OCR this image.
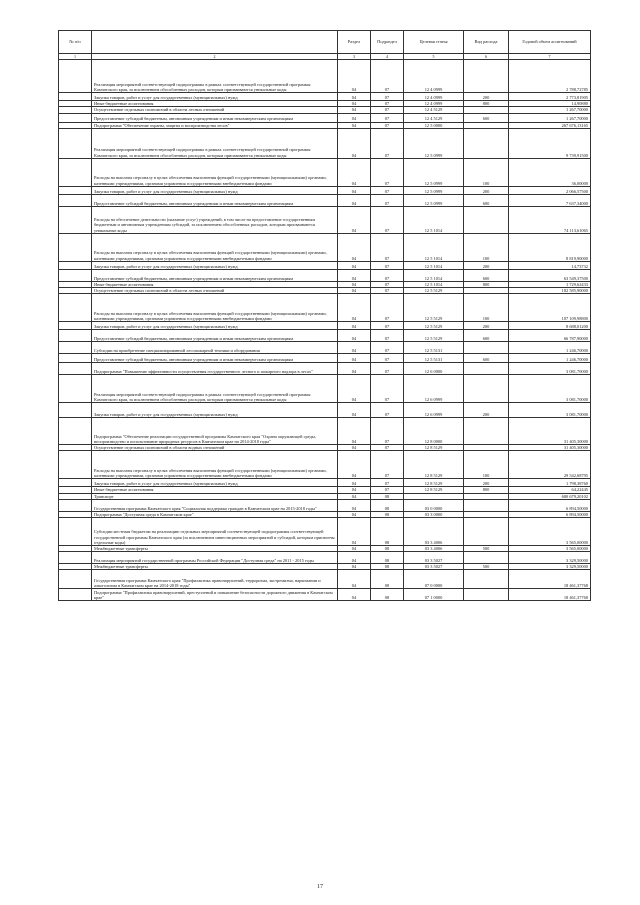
№ п/п		Раздел	Подраздел	Целевая статья	Вид расхода	Годовой объем ассигнований
1	2	3	4	5	6	7
	Реализация мероприятий соответствующей подпрограммы в рамках соответствующей государственной программы Камчатского края, за исключением обособленных расходов, которым присваиваются уникальные коды	04	07	12 4 0999		2 788,72785
	Закупка товаров, работ и услуг для государственных (муниципальных) нужд	04	07	12 4 0999	200	2 773,81905
	Иные бюджетные ассигнования	04	07	12 4 0999	800	14,90880
	Осуществление отдельных полномочий в области лесных отношений	04	07	12 4 5129		1 267,70000
	Предоставление субсидий бюджетным, автономным учреждениям и иным некоммерческим организациям	04	07	12 4 5129	600	1 267,70000
	Подпрограмма "Обеспечение охраны, защиты и воспроизводства лесов"	04	07	12 5 0000		267 676,13165
	Реализация мероприятий соответствующей подпрограммы в рамках соответствующей государственной программы Камчатского края, за исключением обособленных расходов, которым присваиваются уникальные коды	04	07	12 5 0999		9 739,91500
	Расходы на выплаты персоналу в целях обеспечения выполнения функций государственными (муниципальными) органами, казенными учреждениями, органами управления государственными внебюджетными фондами	04	07	12 5 0999	100	36,00000
	Закупка товаров, работ и услуг для государственных (муниципальных) нужд	04	07	12 5 0999	200	2 066,57500
	Предоставление субсидий бюджетным, автономным учреждениям и иным некоммерческим организациям	04	07	12 5 0999	600	7 637,34000
	Расходы на обеспечение деятельности (оказание услуг) учреждений, в том числе на предоставление государственным бюджетным и автономным учреждениям субсидий, за исключением обособленных расходов, которым присваиваются уникальные коды	04	07	12 5 1014		74 113,61065
	Расходы на выплаты персоналу в целях обеспечения выполнения функций государственными (муниципальными) органами, казенными учреждениями, органами управления государственными внебюджетными фондами	04	07	12 5 1014	100	8 819,90000
	Закупка товаров, работ и услуг для государственных (муниципальных) нужд	04	07	12 5 1014	200	14,73732
	Предоставление субсидий бюджетным, автономным учреждениям и иным некоммерческим организациям	04	07	12 5 1014	600	63 549,37500
	Иные бюджетные ассигнования	04	07	12 5 1014	800	1 729,62433
	Осуществление отдельных полномочий в области лесных отношений	04	07	12 5 5129		182 585,90000
	Расходы на выплаты персоналу в целях обеспечения выполнения функций государственными (муниципальными) органами, казенными учреждениями, органами управления государственными внебюджетными фондами	04	07	12 5 5129	100	107 109,98800
	Закупка товаров, работ и услуг для государственных (муниципальных) нужд	04	07	12 5 5129	200	8 688,01200
	Предоставление субсидий бюджетным, автономным учреждениям и иным некоммерческим организациям	04	07	12 5 5129	600	66 787,90000
	Субсидии на приобретение специализированной лесопожарной техники и оборудования	04	07	12 5 5131		1 246,70000
	Предоставление субсидий бюджетным, автономным учреждениям и иным некоммерческим организациям	04	07	12 5 5131	600	1 246,70000
	Подпрограмма "Повышение эффективности осуществления государственного лесного и пожарного надзора в лесах"	04	07	12 6 0000		3 081,70000
	Реализация мероприятий соответствующей подпрограммы в рамках соответствующей государственной программы Камчатского края, за исключением обособленных расходов, которым присваиваются уникальные коды	04	07	12 6 0999		3 081,70000
	Закупка товаров, работ и услуг для государственных (муниципальных) нужд	04	07	12 6 0999	200	3 081,70000
	Подпрограмма "Обеспечение реализации государственной программы Камчатского края "Охрана окружающей среды, воспроизводство и использование природных ресурсов в Камчатском крае на 2014-2018 годы"	04	07	12 8 0000		31 405,30000
	Осуществление отдельных полномочий в области водных отношений	04	07	12 8 5129		31 405,30000
	Расходы на выплаты персоналу в целях обеспечения выполнения функций государственными (муниципальными) органами, казенными учреждениями, органами управления государственными внебюджетными фондами	04	07	12 8 5129	100	29 542,68795
	Закупка товаров, работ и услуг для государственных (муниципальных) нужд	04	07	12 8 5129	200	1 798,38760
	Иные бюджетные ассигнования	04	07	12 8 5129	800	64,22445
	Транспорт	04	08			680 679,20102
	Государственная программа Камчатского края "Социальная поддержка граждан в Камчатском крае на 2015-2018 годы"	04	08	03 0 0000		6 894,50000
	Подпрограмма "Доступная среда в Камчатском крае"	04	08	03 3 0000		6 894,50000
	Субсидии местным бюджетам на реализацию отдельных мероприятий соответствующей подпрограммы соответствующей государственной программы Камчатского края (за исключением инвестиционных мероприятий и субсидий, которым присвоены отдельные коды)	04	08	03 3 4006		3 565,00000
	Межбюджетные трансферты	04	08	03 3 4006	500	3 565,00000
	Реализация мероприятий государственной программы Российской Федерации "Доступная среда" на 2011 - 2015 годы	04	08	03 3 5027		3 329,50000
	Межбюджетные трансферты	04	08	03 3 5027	500	3 329,50000
	Государственная программа Камчатского края "Профилактика правонарушений, терроризма, экстремизма, наркомании и алкоголизма в Камчатском крае на 2014-2018 годы"	04	08	07 0 0000		18 461,37768
	Подпрограмма "Профилактика правонарушений, преступлений и повышение безопасности дорожного движения в Камчатском крае"	04	08	07 1 0000		18 461,37768
17
